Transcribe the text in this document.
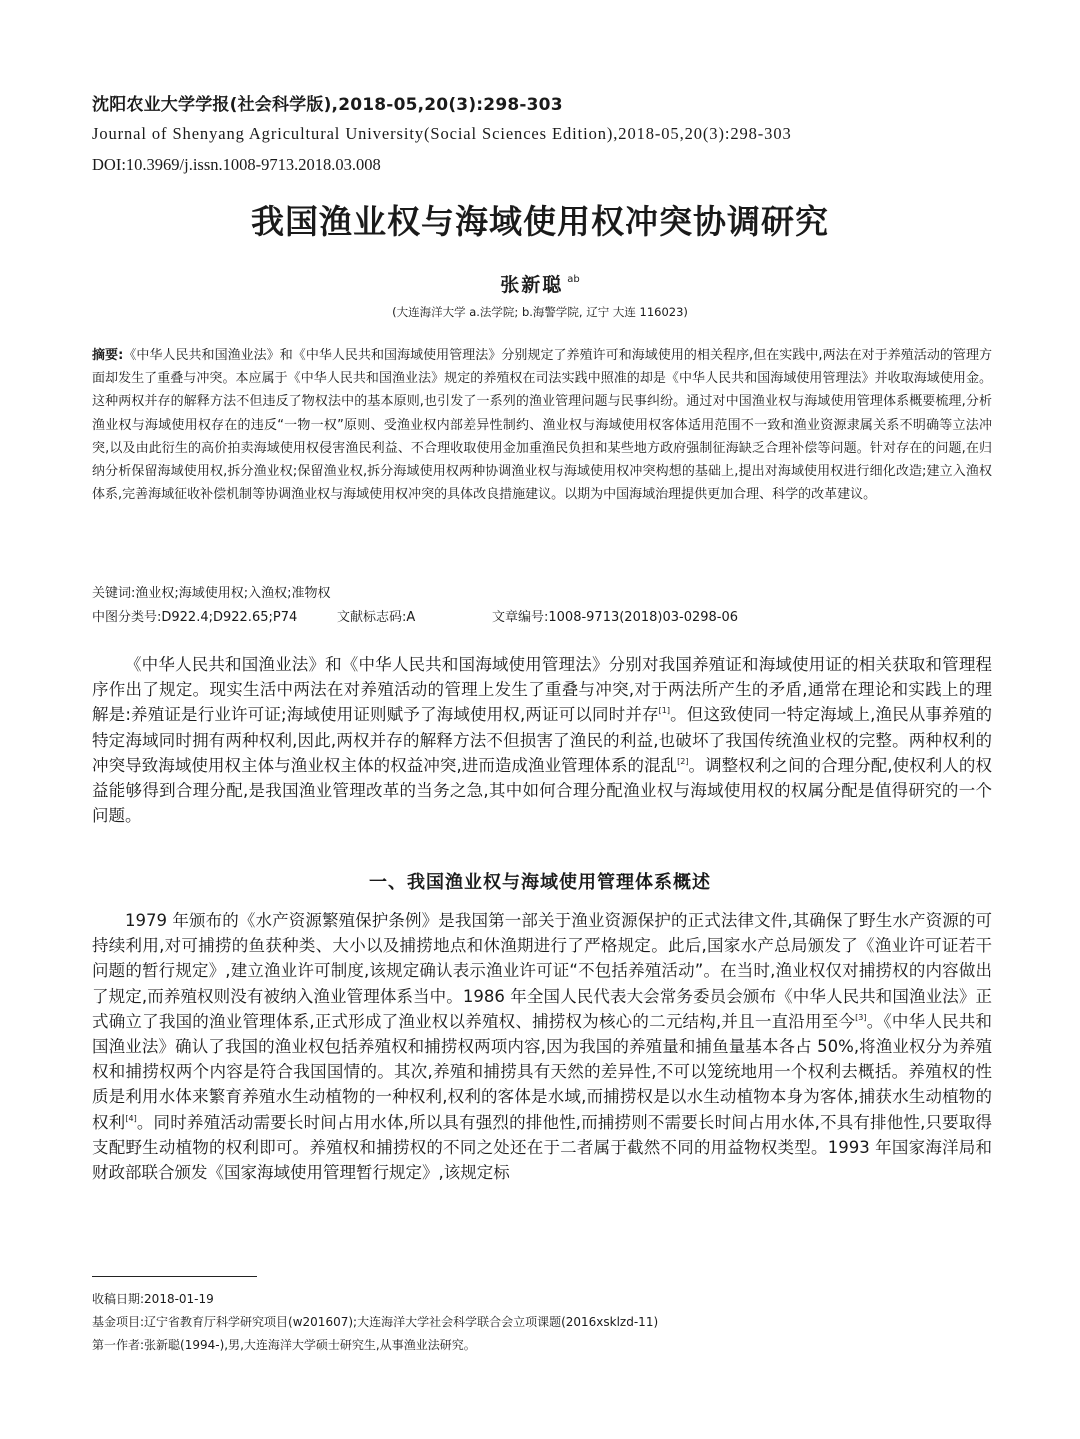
沈阳农业大学学报(社会科学版),2018-05,20(3):298-303
Journal of Shenyang Agricultural University(Social Sciences Edition),2018-05,20(3):298-303
DOI:10.3969/j.issn.1008-9713.2018.03.008
我国渔业权与海域使用权冲突协调研究
张新聪 $^{ab}$
(大连海洋大学 a.法学院; b.海警学院, 辽宁 大连 116023)
摘要:《中华人民共和国渔业法》和《中华人民共和国海域使用管理法》分别规定了养殖许可和海域使用的相关程序,但在实践中,两法在对于养殖活动的管理方面却发生了重叠与冲突。本应属于《中华人民共和国渔业法》规定的养殖权在司法实践中照准的却是《中华人民共和国海域使用管理法》并收取海域使用金。这种两权并存的解释方法不但违反了物权法中的基本原则,也引发了一系列的渔业管理问题与民事纠纷。通过对中国渔业权与海域使用管理体系概要梳理,分析渔业权与海域使用权存在的违反“一物一权”原则、受渔业权内部差异性制约、渔业权与海域使用权客体适用范围不一致和渔业资源隶属关系不明确等立法冲突,以及由此衍生的高价拍卖海域使用权侵害渔民利益、不合理收取使用金加重渔民负担和某些地方政府强制征海缺乏合理补偿等问题。针对存在的问题,在归纳分析保留海域使用权,拆分渔业权;保留渔业权,拆分海域使用权两种协调渔业权与海域使用权冲突构想的基础上,提出对海域使用权进行细化改造;建立入渔权体系,完善海域征收补偿机制等协调渔业权与海域使用权冲突的具体改良措施建议。以期为中国海域治理提供更加合理、科学的改革建议。
关键词:渔业权;海域使用权;入渔权;准物权
中图分类号:D922.4;D922.65;P74	文献标志码:A	文章编号:1008-9713(2018)03-0298-06
《中华人民共和国渔业法》和《中华人民共和国海域使用管理法》分别对我国养殖证和海域使用证的相关获取和管理程序作出了规定。现实生活中两法在对养殖活动的管理上发生了重叠与冲突,对于两法所产生的矛盾,通常在理论和实践上的理解是:养殖证是行业许可证;海域使用证则赋予了海域使用权,两证可以同时并存[1]。但这致使同一特定海域上,渔民从事养殖的特定海域同时拥有两种权利,因此,两权并存的解释方法不但损害了渔民的利益,也破坏了我国传统渔业权的完整。两种权利的冲突导致海域使用权主体与渔业权主体的权益冲突,进而造成渔业管理体系的混乱[2]。调整权利之间的合理分配,使权利人的权益能够得到合理分配,是我国渔业管理改革的当务之急,其中如何合理分配渔业权与海域使用权的权属分配是值得研究的一个问题。
一、我国渔业权与海域使用管理体系概述
1979 年颁布的《水产资源繁殖保护条例》是我国第一部关于渔业资源保护的正式法律文件,其确保了野生水产资源的可持续利用,对可捕捞的鱼获种类、大小以及捕捞地点和休渔期进行了严格规定。此后,国家水产总局颁发了《渔业许可证若干问题的暂行规定》,建立渔业许可制度,该规定确认表示渔业许可证“不包括养殖活动”。在当时,渔业权仅对捕捞权的内容做出了规定,而养殖权则没有被纳入渔业管理体系当中。1986 年全国人民代表大会常务委员会颁布《中华人民共和国渔业法》正式确立了我国的渔业管理体系,正式形成了渔业权以养殖权、捕捞权为核心的二元结构,并且一直沿用至今[3]。《中华人民共和国渔业法》确认了我国的渔业权包括养殖权和捕捞权两项内容,因为我国的养殖量和捕鱼量基本各占 50%,将渔业权分为养殖权和捕捞权两个内容是符合我国国情的。其次,养殖和捕捞具有天然的差异性,不可以笼统地用一个权利去概括。养殖权的性质是利用水体来繁育养殖水生动植物的一种权利,权利的客体是水域,而捕捞权是以水生动植物本身为客体,捕获水生动植物的权利[4]。同时养殖活动需要长时间占用水体,所以具有强烈的排他性,而捕捞则不需要长时间占用水体,不具有排他性,只要取得支配野生动植物的权利即可。养殖权和捕捞权的不同之处还在于二者属于截然不同的用益物权类型。1993 年国家海洋局和财政部联合颁发《国家海域使用管理暂行规定》,该规定标
收稿日期:2018-01-19
基金项目:辽宁省教育厅科学研究项目(w201607);大连海洋大学社会科学联合会立项课题(2016xsklzd-11)
第一作者:张新聪(1994-),男,大连海洋大学硕士研究生,从事渔业法研究。
